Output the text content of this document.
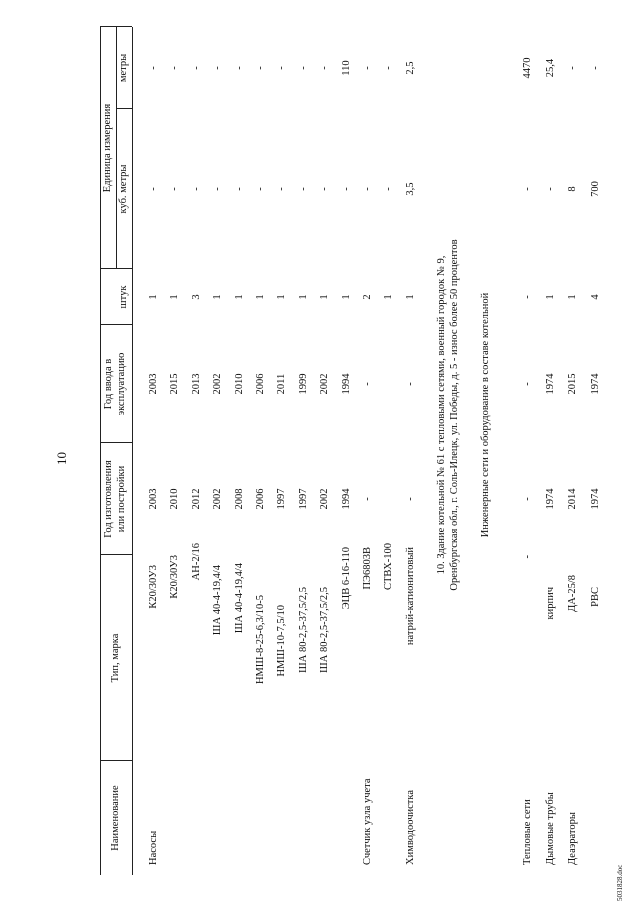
10
Наименование
Тип, марка
Год изготовления или постройки
Год ввода в эксплуатацию
Единица измерения
штук
куб. метры
метры
Насосы
К20/30У3
2003
2003
1
-
-
К20/30У3
2010
2015
1
-
-
АН-2/16
2012
2013
3
-
-
ША 40-4-19,4/4
2002
2002
1
-
-
ША 40-4-19,4/4
2008
2010
1
-
-
НМШ-8-25-6,3/10-5
2006
2006
1
-
-
НМШ-10-7,5/10
1997
2011
1
-
-
ША 80-2,5-37,5/2,5
1997
1999
1
-
-
ША 80-2,5-37,5/2,5
2002
2002
1
-
-
ЭЦВ 6-16-110
1994
1994
1
-
110
Счетчик узла учета
ПЭ6803В
-
-
2
-
-
СТВХ-100
1
-
-
Химводоочистка
натрий-катионитовый
-
-
1
3,5
2,5
10. Здание котельной № 61 с тепловыми сетями, военный городок № 9, Оренбургская обл., г. Соль-Илецк, ул. Победы, д. 5 - износ более 50 процентов Инженерные сети и оборудование в составе котельной
Тепловые сети
-
-
-
-
-
4470
Дымовые трубы
кирпич
1974
1974
1
-
25,4
Деаэраторы
ДА-25/8
2014
2015
1
8
-
РВС
1974
1974
4
700
-
5031828.doc
